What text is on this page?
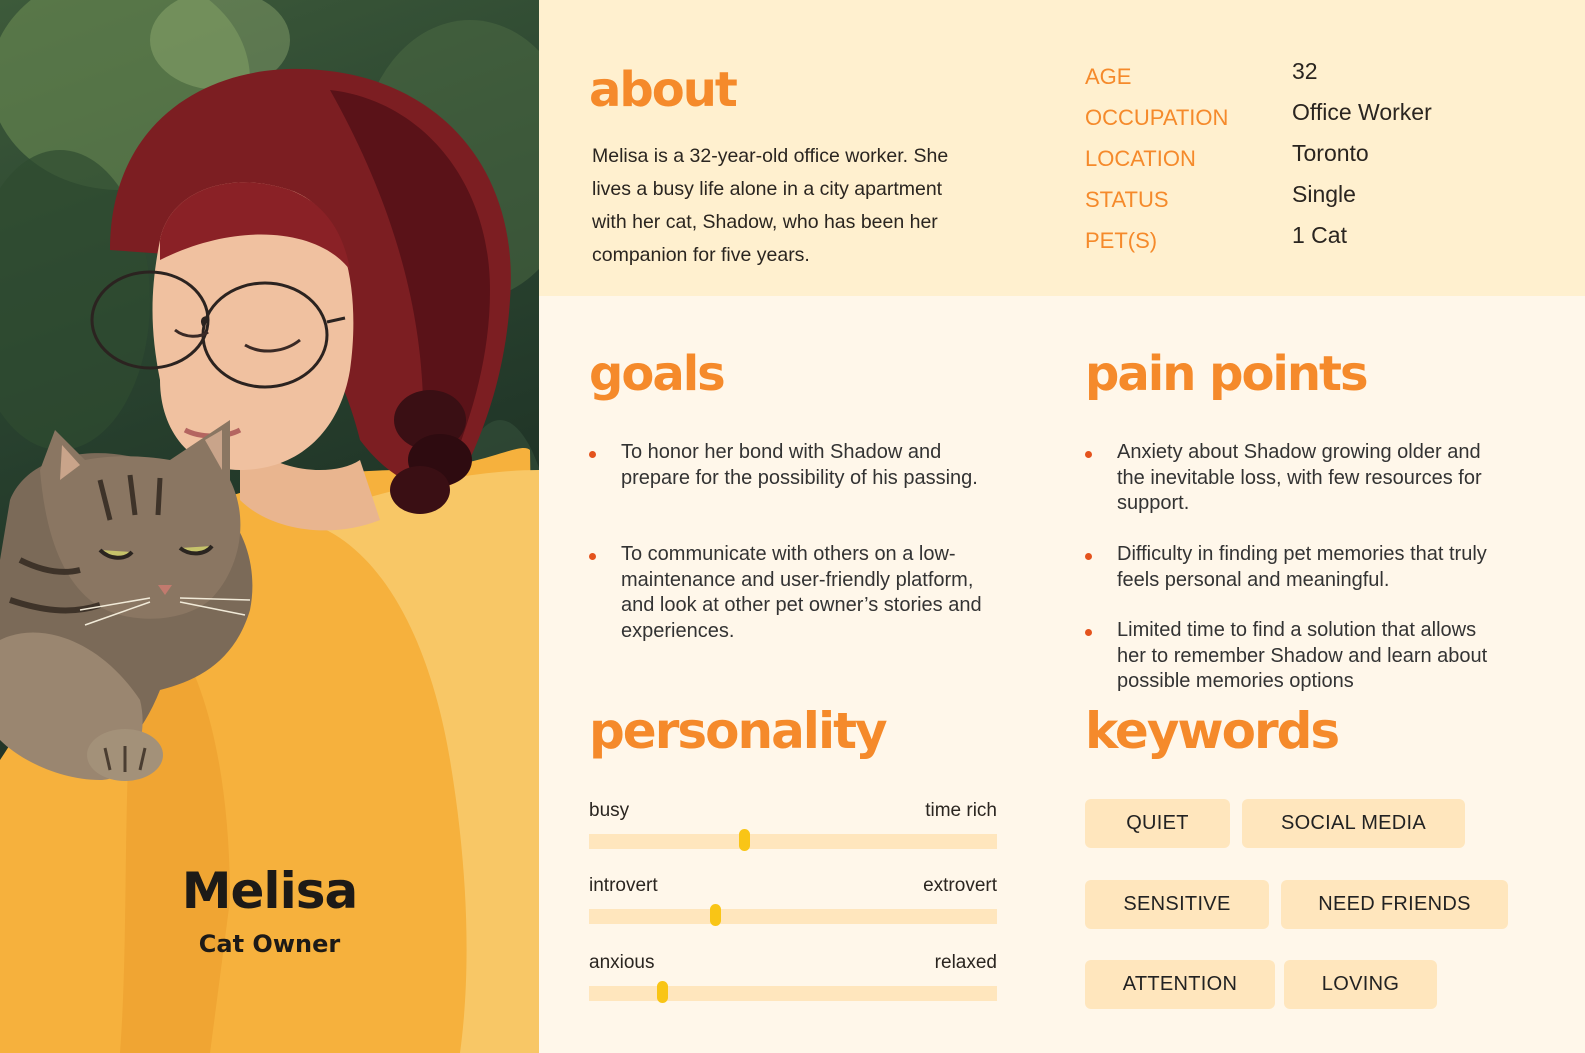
Melisa
Cat Owner
about

Melisa is a 32-year-old office worker. She lives a busy life alone in a city apartment with her cat, Shadow, who has been her companion for five years.

AGE	32
OCCUPATION	Office Worker
LOCATION	Toronto
STATUS	Single
PET(S)	1 Cat
goals
To honor her bond with Shadow and prepare for the possibility of his passing.
To communicate with others on a low-maintenance and user-friendly platform, and look at other pet owner’s stories and experiences.
pain points
Anxiety about Shadow growing older and the inevitable loss, with few resources for support.
Difficulty in finding pet memories that truly feels personal and meaningful.
Limited time to find a solution that allows her to remember Shadow and learn about possible memories options
personality
busy	time rich
introvert	extrovert
anxious	relaxed
keywords
QUIET	SOCIAL MEDIA
SENSITIVE	NEED FRIENDS
ATTENTION	LOVING
